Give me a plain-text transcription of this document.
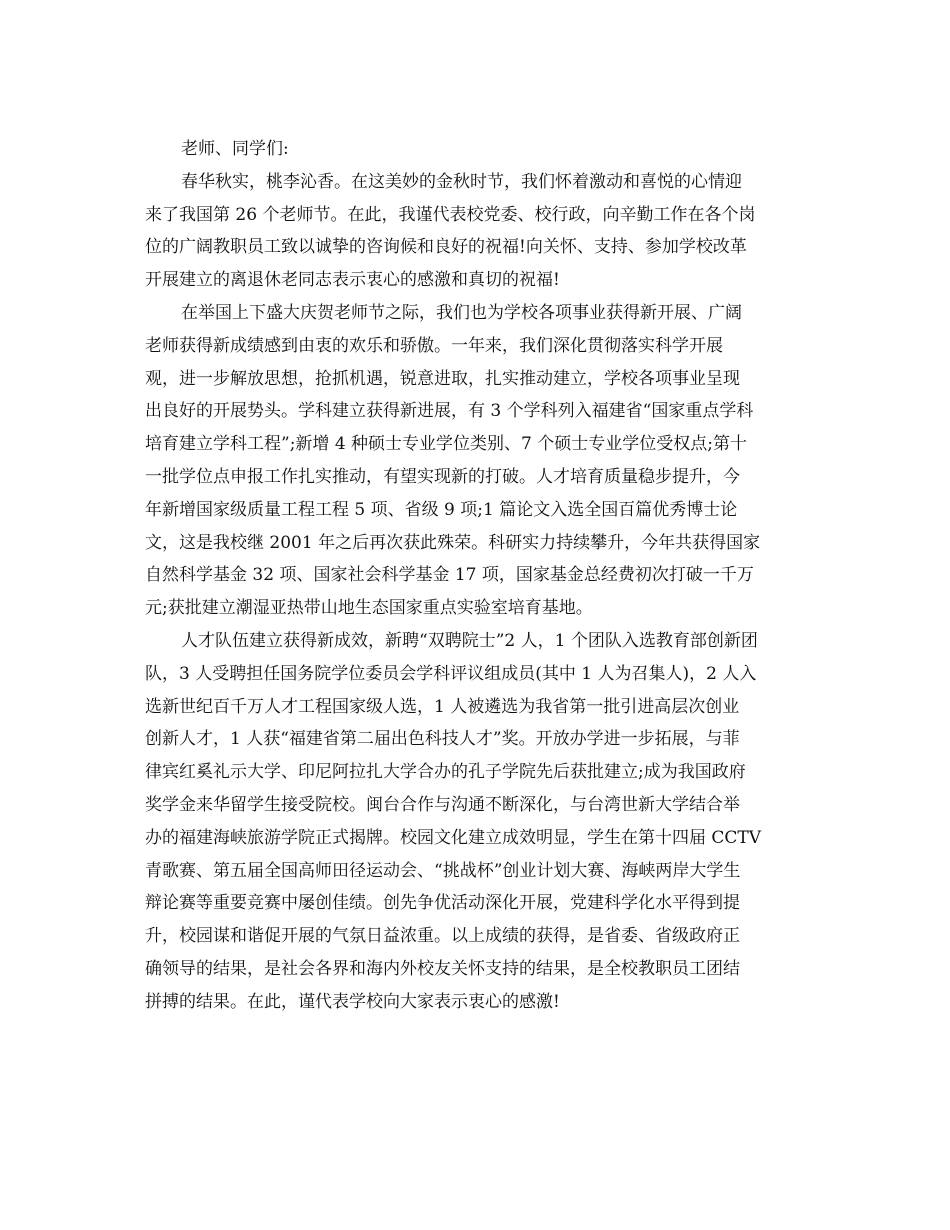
老师、同学们:
春华秋实，桃李沁香。在这美妙的金秋时节，我们怀着激动和喜悦的心情迎
来了我国第 26 个老师节。在此，我谨代表校党委、校行政，向辛勤工作在各个岗
位的广阔教职员工致以诚挚的咨询候和良好的祝福!向关怀、支持、参加学校改革
开展建立的离退休老同志表示衷心的感激和真切的祝福!
在举国上下盛大庆贺老师节之际，我们也为学校各项事业获得新开展、广阔
老师获得新成绩感到由衷的欢乐和骄傲。一年来，我们深化贯彻落实科学开展
观，进一步解放思想，抢抓机遇，锐意进取，扎实推动建立，学校各项事业呈现
出良好的开展势头。学科建立获得新进展，有 3 个学科列入福建省“国家重点学科
培育建立学科工程”;新增 4 种硕士专业学位类别、7 个硕士专业学位受权点;第十
一批学位点申报工作扎实推动，有望实现新的打破。人才培育质量稳步提升，今
年新增国家级质量工程工程 5 项、省级 9 项;1 篇论文入选全国百篇优秀博士论
文，这是我校继 2001 年之后再次获此殊荣。科研实力持续攀升，今年共获得国家
自然科学基金 32 项、国家社会科学基金 17 项，国家基金总经费初次打破一千万
元;获批建立潮湿亚热带山地生态国家重点实验室培育基地。
人才队伍建立获得新成效，新聘“双聘院士”2 人，1 个团队入选教育部创新团
队，3 人受聘担任国务院学位委员会学科评议组成员(其中 1 人为召集人)，2 人入
选新世纪百千万人才工程国家级人选，1 人被遴选为我省第一批引进高层次创业
创新人才，1 人获“福建省第二届出色科技人才”奖。开放办学进一步拓展，与菲
律宾红奚礼示大学、印尼阿拉扎大学合办的孔子学院先后获批建立;成为我国政府
奖学金来华留学生接受院校。闽台合作与沟通不断深化，与台湾世新大学结合举
办的福建海峡旅游学院正式揭牌。校园文化建立成效明显，学生在第十四届 CCTV
青歌赛、第五届全国高师田径运动会、“挑战杯”创业计划大赛、海峡两岸大学生
辩论赛等重要竞赛中屡创佳绩。创先争优活动深化开展，党建科学化水平得到提
升，校园谋和谐促开展的气氛日益浓重。以上成绩的获得，是省委、省级政府正
确领导的结果，是社会各界和海内外校友关怀支持的结果，是全校教职员工团结
拼搏的结果。在此，谨代表学校向大家表示衷心的感激!
